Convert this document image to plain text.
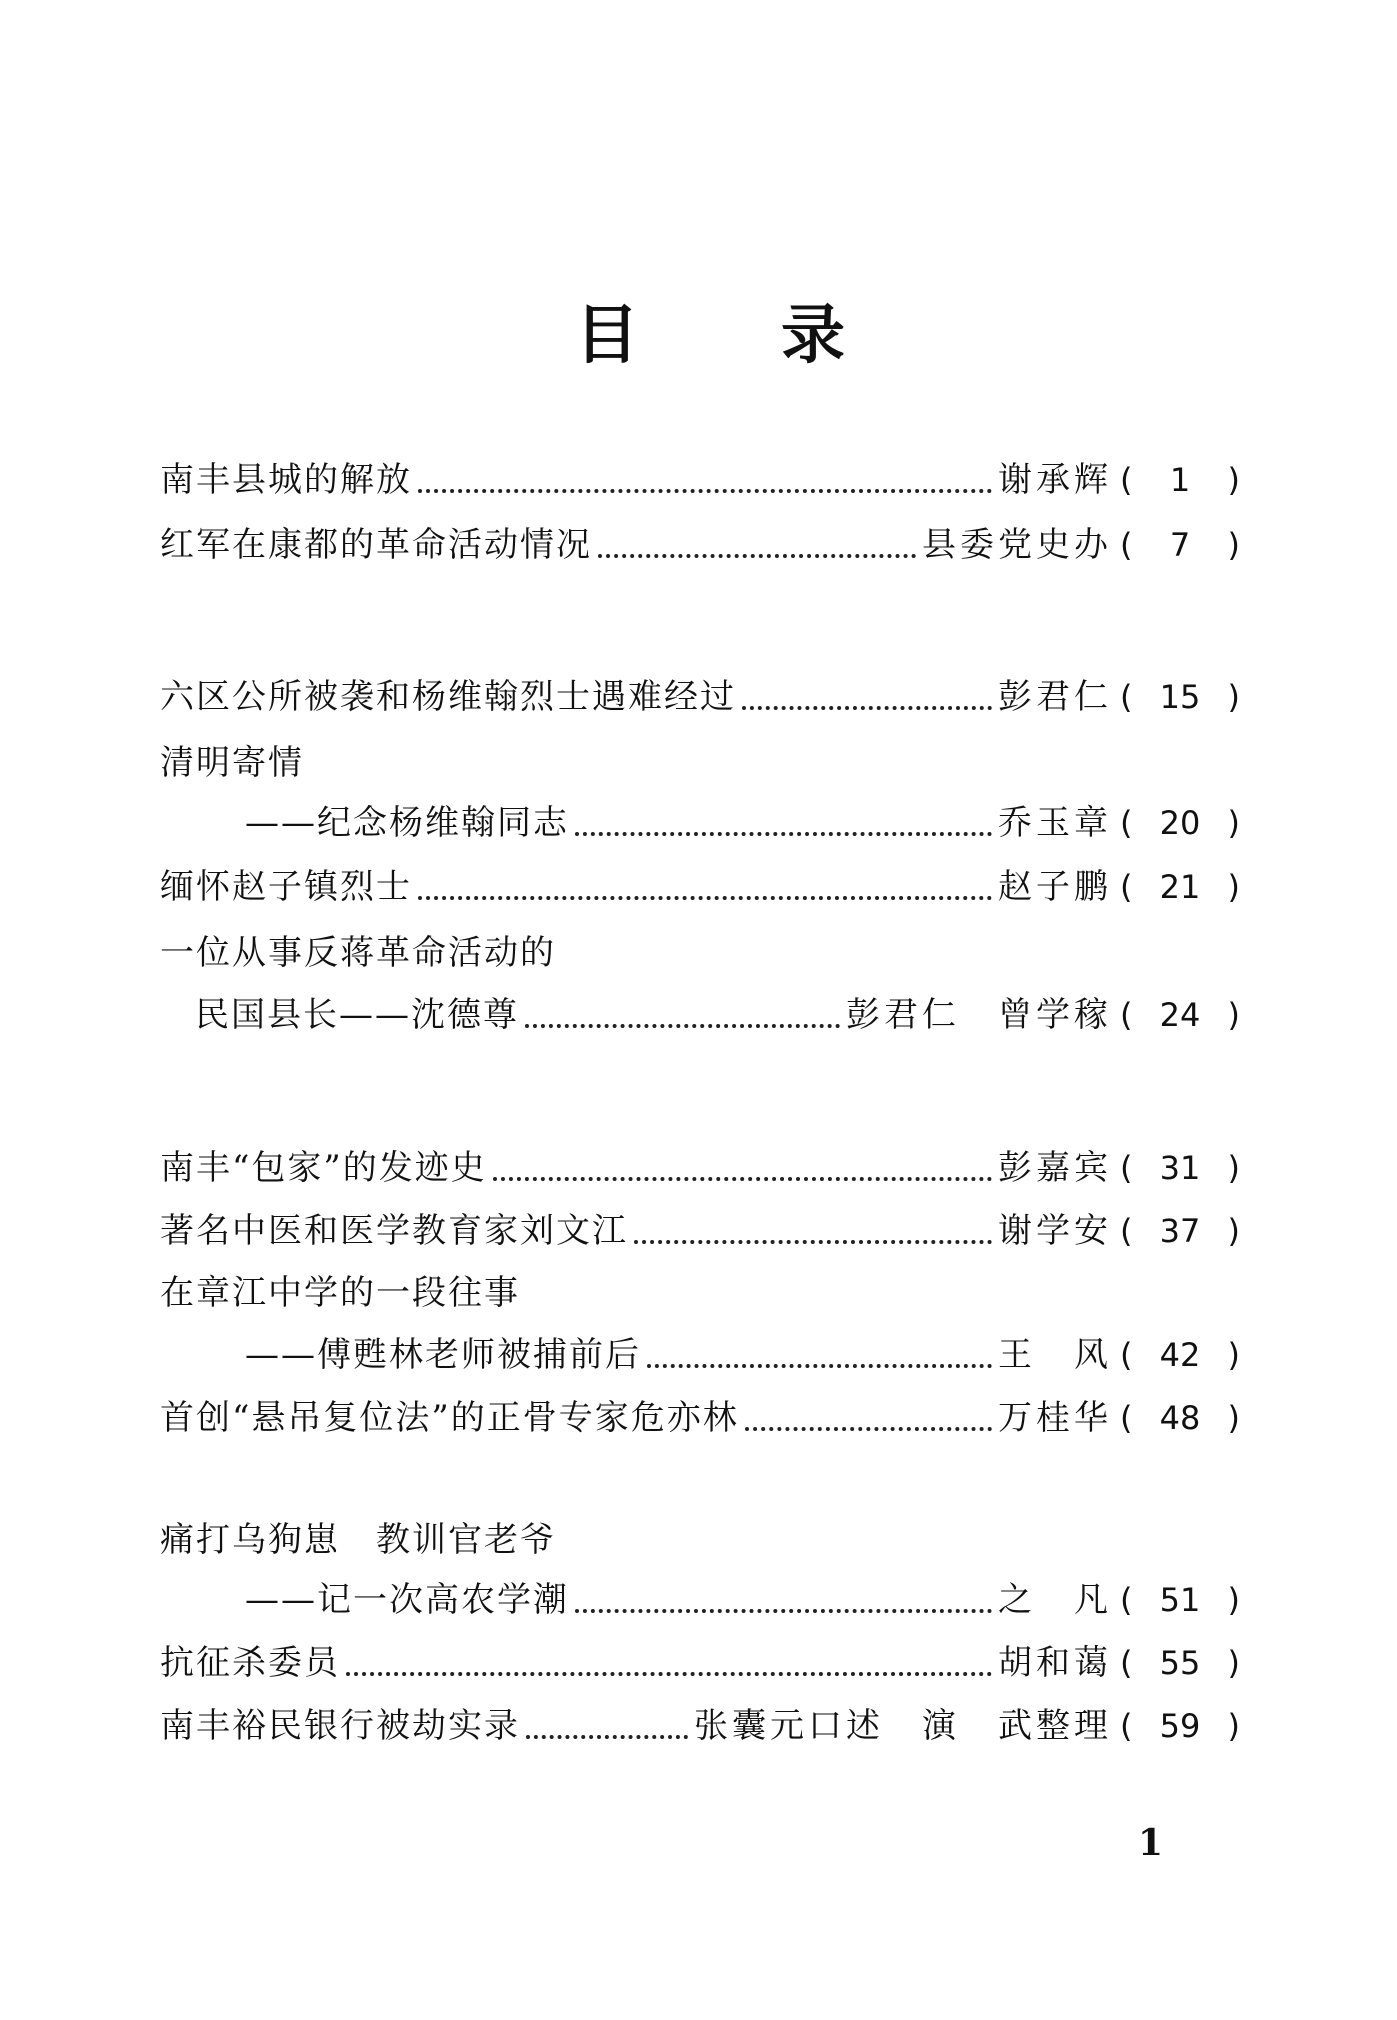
目 录
南丰县城的解放	谢承辉 ( 1 )
红军在康都的革命活动情况	县委党史办 ( 7 )
六区公所被袭和杨维翰烈士遇难经过	彭君仁 ( 15 )
清明寄情
——纪念杨维翰同志	乔玉章 ( 20 )
缅怀赵子镇烈士	赵子鹏 ( 21 )
一位从事反蒋革命活动的
民国县长——沈德尊	彭君仁　曾学稼 ( 24 )
南丰“包家”的发迹史	彭嘉宾 ( 31 )
著名中医和医学教育家刘文江	谢学安 ( 37 )
在章江中学的一段往事
——傅甦林老师被捕前后	王　风 ( 42 )
首创“悬吊复位法”的正骨专家危亦林	万桂华 ( 48 )
痛打乌狗崽　教训官老爷
——记一次高农学潮	之　凡 ( 51 )
抗征杀委员	胡和蔼 ( 55 )
南丰裕民银行被劫实录	张囊元口述　演　武整理 ( 59 )
1
